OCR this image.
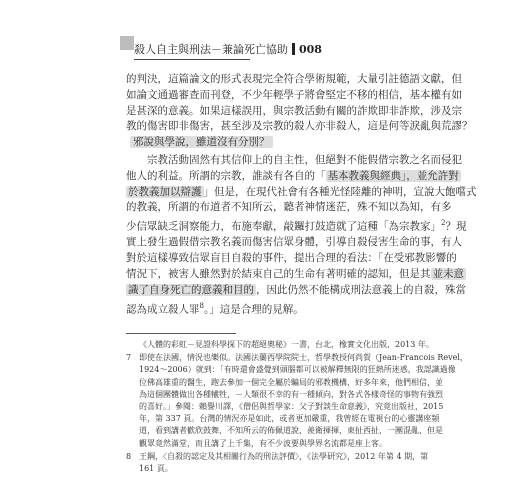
殺人自主與刑法－兼論死亡協助 008

的判決，這篇論文的形式表現完全符合學術規範，大量引註德語文獻，但
如論文通過審查而刊登，不少年輕學子將會堅定不移的相信，基本權有如
是甚深的意義。如果這樣誤用，與宗教活動有關的詐欺即非詐欺，涉及宗
教的傷害即非傷害，甚至涉及宗教的殺人亦非殺人，這是何等淚亂與荒謬？

邪說與學說，雖道沒有分別？

宗教活動固然有其信仰上的自主性，但絕對不能假借宗教之名而侵犯
他人的利益。所謂的宗教，誰談有各自的「 基本教義與經典」，並允許對
於教義加以辯護 」但是，在現代社會有各種光怪陸離的神明，宣說大飽嚐式
的教義，所謂的布道者不知所云，聽者神情迷茫，殊不知以為知，有多
少信眾缺乏洞察能力，布施奉獻，敲鑼打鼓造就了這種「為宗教家」$^2$？現
實上發生過假借宗教名義而傷害信眾身體，引導自殺侵害生命的事，有人
對於這樣導致信眾盲目自殺的事件，提出合理的看法：「在受邪教影響的
情況下，被害人雖然對於結束自己的生命有著明確的認知，但是其 並未意
識了自身死亡的意義和目的 ，因此仍然不能構成刑法意義上的自殺，殊當
認為成立殺人罪$^8$。」這是合理的見解。

《人體的彩虹－見證科學探下的超絕奧秘》一書，台北，橡實文化出版，2013 年。
7 即使在法國，情況也樂似。法國法蘭西學院院士，哲學教授何尚賀（Jean-Francois Revel，
1924～2006）就到：「有時還會盛覺到頭腦都可以被解釋無限的狂熱所迷惑，我認識過像
位佛高雄重的醫生，跑去參加一個完全屬於騙局的邪教機構，好多年來，他們相信，並
為這個團體做出各種犧牲，－人類很不幸的有一種傾向，對各式各樣奇怪的事物有強烈
的喜好。」參閱：賴譽川譯，《僧侶與哲學家：父子對談生命意義》，究竟出版社，2015
年，第 337 頁。台灣的情況亦是如此，或者更加嚴重，我曾經在電視台的心靈講座頻
道，看到講者歡欣鼓舞，不知所云的佈佩道說，羨衛揮揮，東扯西扯，一團混亂，但是
觀眾竟然滿堂，而且講了上千集，有不少波要與學界名流都是座上客。
8 王鋼，〈自殺的認定及其相關行為的刑法評價〉，《法學研究》，2012 年第 4 期，第
161 頁。
